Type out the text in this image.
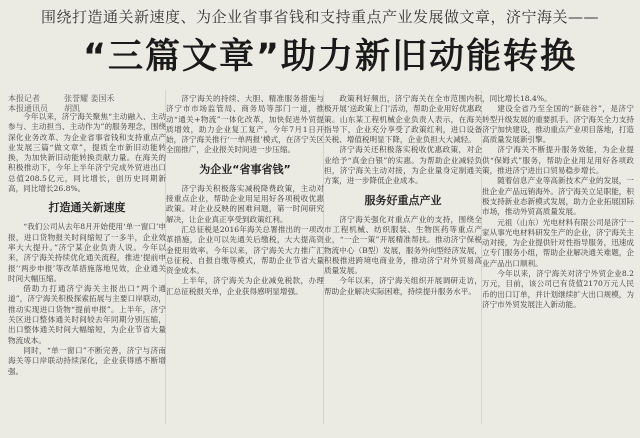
围绕打造通关新速度、为企业省事省钱和支持重点产业发展做文章，济宁海关——
“三篇文章”助力新旧动能转换
本报记者	张誉耀 姜国禾
本报通讯员	胡凯

今年以来，济宁海关聚焦“主动融入、主动参与、主动担当、主动作为”的服务理念，围绕深化业务改革、为企业省事省钱和支持重点产业发展三篇“做文章”，提质全市新旧动能转换，为加快新旧动能转换贡献力量。在海关的积极推动下，今年上半年济宁完成外贸进出口总值208.5亿元，同比增长，创历史同期新高，同比增长26.8%。

打造通关新速度

“我们公司从去年8月开始使用‘单一窗口’申报，进口货物报关时间缩短了一多半，企业效率大大提升。”济宁某企业负责人说。今年以来，济宁海关持续优化通关流程，推进‘提前申报’‘两步申报’等改革措施落地见效，企业通关时间大幅压缩。

借助力打通济宁海关主报出口“两个通道”，济宁海关积极探索拓展与主要口岸联动，推动实现进口货物“提前申报”。上半年，济宁关区进口整体通关时间较去年同期分别压缩，出口整体通关时间大幅缩短，为企业节省大量物流成本。

同时，“单一窗口”不断完善，济宁与济南海关等口岸联动持续深化，企业获得感不断增强。

济宁海关的持续、大胆、精准服务措施与济宁市市场监管局、商务局等部门一道，推动“通关+物流”一体化改革，加快促进外贸提质增效，助力企业复工复产。今年7月1日开始，济宁海关推行‘一单两报’模式，在济宁关区全面推广，企业报关时间进一步压缩。

为企业“省事省钱”

济宁海关积极落实减税降费政策，主动对接重点企业，帮助企业用足用好各项税收优惠政策。对企业反映的困难问题，第一时间研究解决，让企业真正享受到政策红利。

汇总征税是2016年海关总署推出的一项改革措施，企业可以先通关后缴税，大大提高资金使用效率。今年以来，济宁海关大力推广汇总征税、自报自缴等模式，帮助企业节省大量资金成本。

上半年，济宁海关为企业减免税款，办理汇总征税报关单，企业获得感明显增强。

政策利好频出，济宁海关在全市范围内积极开展‘送政策上门’活动，帮助企业用好优惠政策。山东某工程机械企业负责人表示，在海关指导下，企业充分享受了政策红利，进口设备关税、增值税明显下降，企业负担大大减轻。

济宁海关还积极落实税收优惠政策，对企业给予“真金白银”的实惠。为帮助企业减轻负担，济宁海关主动对接，为企业量身定制通关方案，进一步降低企业成本。

服务好重点产业

济宁海关强化对重点产业的支持，围绕全市工程机械、纺织服装、生物医药等重点产业，“一企一策”开展精准帮扶。推动济宁保税物流中心（B型）发展，服务外向型经济发展，积极推进跨境电商业务，推动济宁对外贸易高质量发展。

今年以来，济宁海关组织开展调研走访，帮助企业解决实际困难，持续提升服务水平。

，同比增长18.4%。

建设全省乃至全国的“新硅谷”，是济宁转型升级发展的重要抓手。济宁海关全力支持济宁加快建设，推动重点产业项目落地，打造高质量发展新引擎。

济宁海关不断提升服务效能，为企业提供“保姆式”服务，帮助企业用足用好各项政策，推进济宁进出口贸易稳步增长。

随着信息产业等高新技术产业的发展，一批企业产品远销海外。济宁海关立足职能，积极支持新业态新模式发展，助力企业拓展国际市场，推动外贸高质量发展。

元祖（山东）光电材料有限公司是济宁一家从事光电材料研发生产的企业，济宁海关主动对接，为企业提供针对性指导服务，迅速成立专门服务小组，帮助企业解决通关难题，企业产品出口顺利。

今年以来，济宁海关对济宁外贸企业8.2万元，目前，该公司已有货值2170万元人民币的出口订单，并计划继续扩大出口规模，为济宁市外贸发展注入新动能。
